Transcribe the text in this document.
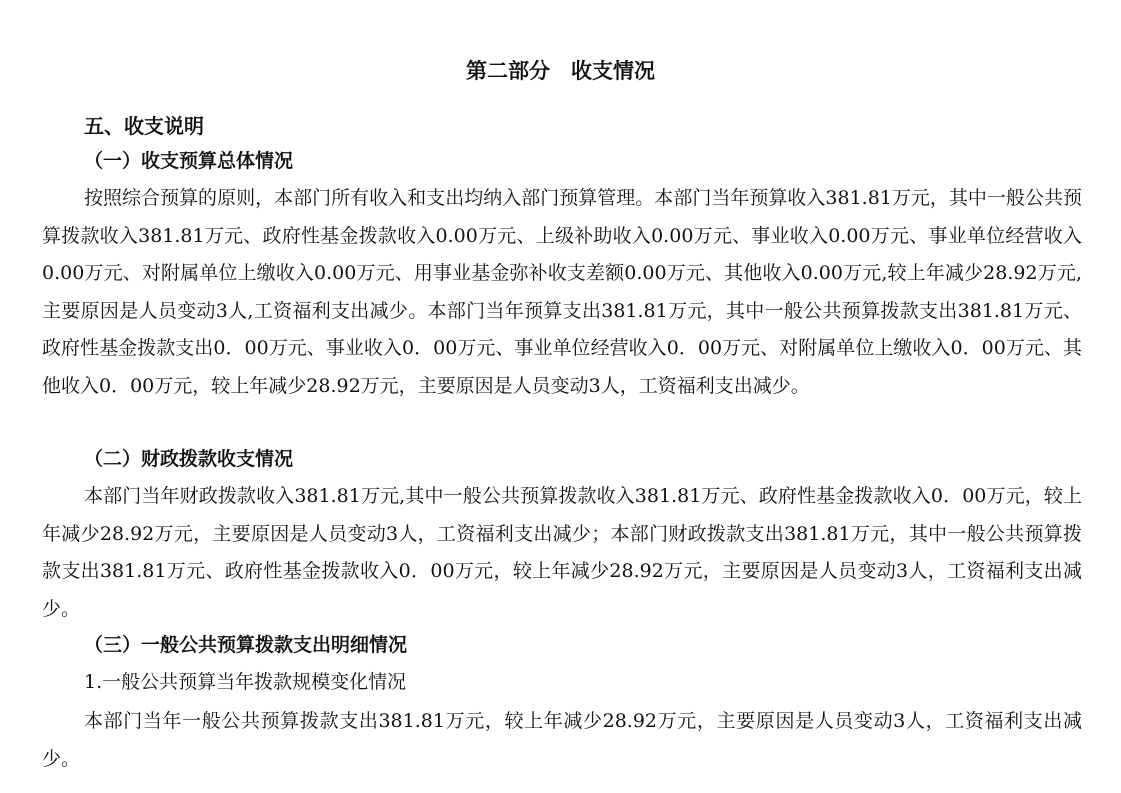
第二部分　收支情况
五、收支说明
（一）收支预算总体情况
按照综合预算的原则，本部门所有收入和支出均纳入部门预算管理。本部门当年预算收入381.81万元，其中一般公共预算拨款收入381.81万元、政府性基金拨款收入0.00万元、上级补助收入0.00万元、事业收入0.00万元、事业单位经营收入0.00万元、对附属单位上缴收入0.00万元、用事业基金弥补收支差额0.00万元、其他收入0.00万元,较上年减少28.92万元,主要原因是人员变动3人,工资福利支出减少。本部门当年预算支出381.81万元，其中一般公共预算拨款支出381.81万元、政府性基金拨款支出0．00万元、事业收入0．00万元、事业单位经营收入0．00万元、对附属单位上缴收入0．00万元、其他收入0．00万元，较上年减少28.92万元，主要原因是人员变动3人，工资福利支出减少。
（二）财政拨款收支情况
本部门当年财政拨款收入381.81万元,其中一般公共预算拨款收入381.81万元、政府性基金拨款收入0．00万元，较上年减少28.92万元，主要原因是人员变动3人，工资福利支出减少；本部门财政拨款支出381.81万元，其中一般公共预算拨款支出381.81万元、政府性基金拨款收入0．00万元，较上年减少28.92万元，主要原因是人员变动3人，工资福利支出减少。
（三）一般公共预算拨款支出明细情况
1.一般公共预算当年拨款规模变化情况
本部门当年一般公共预算拨款支出381.81万元，较上年减少28.92万元，主要原因是人员变动3人，工资福利支出减少。
